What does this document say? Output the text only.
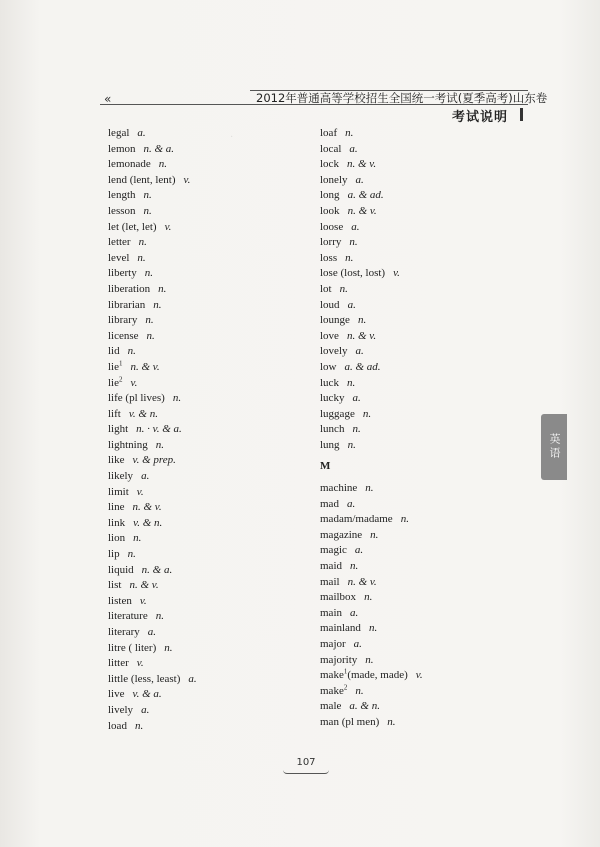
·
«	2012年普通高等学校招生全国统一考试(夏季高考)山东卷
考试说明
legal a.
lemon n. & a.
lemonade n.
lend (lent, lent) v.
length n.
lesson n.
let (let, let) v.
letter n.
level n.
liberty n.
liberation n.
librarian n.
library n.
license n.
lid n.
lie$^1$ n. & v.
lie$^2$ v.
life (pl lives) n.
lift v. & n.
light n. · v. & a.
lightning n.
like v. & prep.
likely a.
limit v.
line n. & v.
link v. & n.
lion n.
lip n.
liquid n. & a.
list n. & v.
listen v.
literature n.
literary a.
litre ( liter) n.
litter v.
little (less, least) a.
live v. & a.
lively a.
load n.
loaf n.
local a.
lock n. & v.
lonely a.
long a. & ad.
look n. & v.
loose a.
lorry n.
loss n.
lose (lost, lost) v.
lot n.
loud a.
lounge n.
love n. & v.
lovely a.
low a. & ad.
luck n.
lucky a.
luggage n.
lunch n.
lung n.
M
machine n.
mad a.
madam/madame n.
magazine n.
magic a.
maid n.
mail n. & v.
mailbox n.
main a.
mainland n.
major a.
majority n.
make$^1$(made, made) v.
make$^2$ n.
male a. & n.
man (pl men) n.
英语
107
